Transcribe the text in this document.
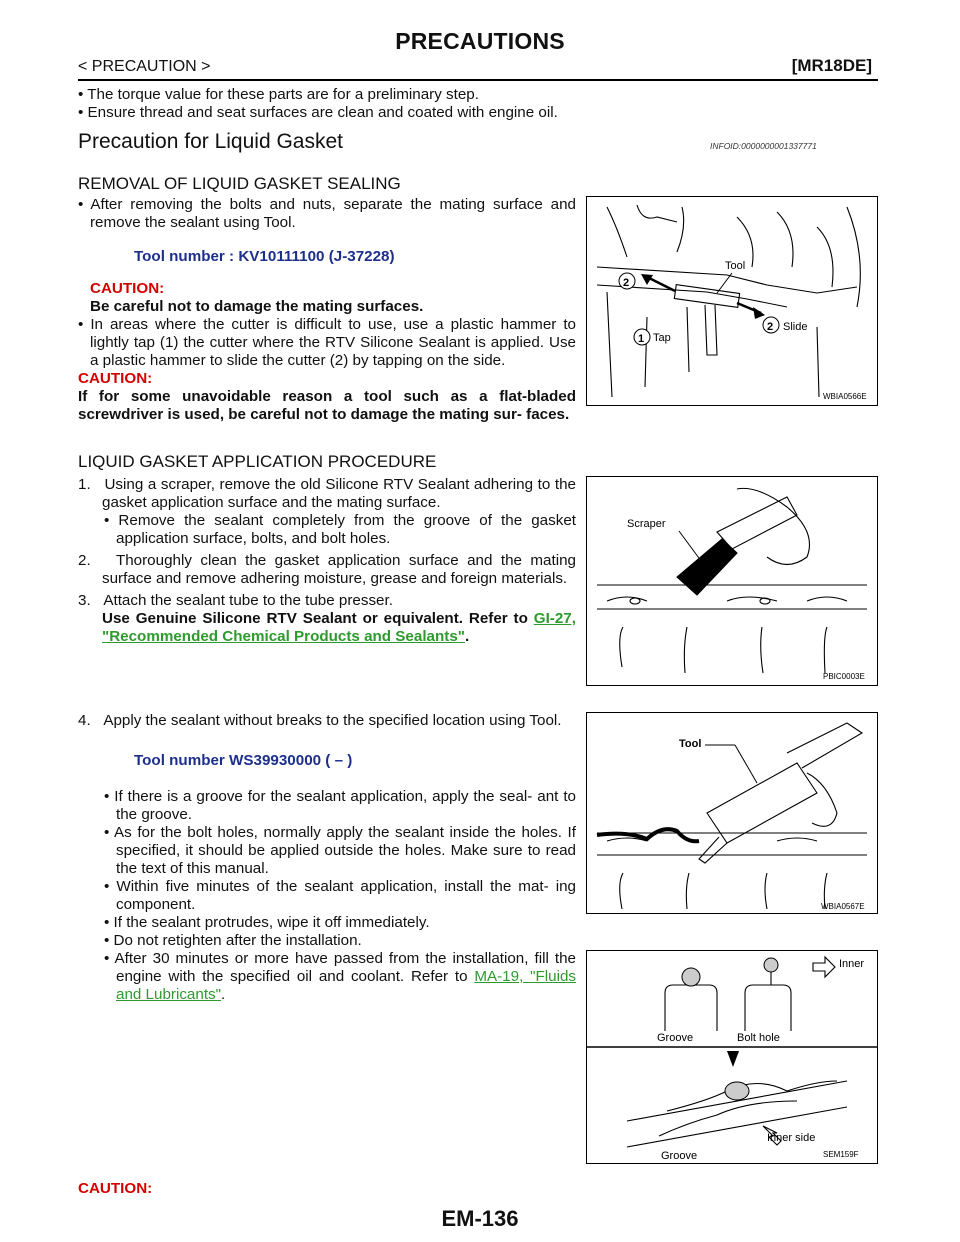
PRECAUTIONS
< PRECAUTION >	[MR18DE]
• The torque value for these parts are for a preliminary step.
• Ensure thread and seat surfaces are clean and coated with engine oil.
Precaution for Liquid Gasket	INFOID:0000000001337771
REMOVAL OF LIQUID GASKET SEALING
• After removing the bolts and nuts, separate the mating surface and remove the sealant using Tool.
Tool number : KV10111100 (J-37228)
CAUTION:
Be careful not to damage the mating surfaces.
• In areas where the cutter is difficult to use, use a plastic hammer to lightly tap (1) the cutter where the RTV Silicone Sealant is applied. Use a plastic hammer to slide the cutter (2) by tapping on the side.
CAUTION:
If for some unavoidable reason a tool such as a flat-bladed screwdriver is used, be careful not to damage the mating sur- faces.
2
2
1 Tap
Slide
Tool
WBIA0566E
LIQUID GASKET APPLICATION PROCEDURE
1. Using a scraper, remove the old Silicone RTV Sealant adhering to the gasket application surface and the mating surface.
• Remove the sealant completely from the groove of the gasket application surface, bolts, and bolt holes.
2. Thoroughly clean the gasket application surface and the mating surface and remove adhering moisture, grease and foreign materials.
3. Attach the sealant tube to the tube presser.
Use Genuine Silicone RTV Sealant or equivalent. Refer to GI-27, "Recommended Chemical Products and Sealants".
Scraper
PBIC0003E
4. Apply the sealant without breaks to the specified location using Tool.
Tool number WS39930000 ( – )
• If there is a groove for the sealant application, apply the seal- ant to the groove.
• As for the bolt holes, normally apply the sealant inside the holes. If specified, it should be applied outside the holes. Make sure to read the text of this manual.
• Within five minutes of the sealant application, install the mat- ing component.
• If the sealant protrudes, wipe it off immediately.
• Do not retighten after the installation.
• After 30 minutes or more have passed from the installation, fill the engine with the specified oil and coolant. Refer to MA-19, "Fluids and Lubricants".
Tool
WBIA0567E
Inner
Groove	Bolt hole
Inner side
Groove	SEM159F
CAUTION:
EM-136
